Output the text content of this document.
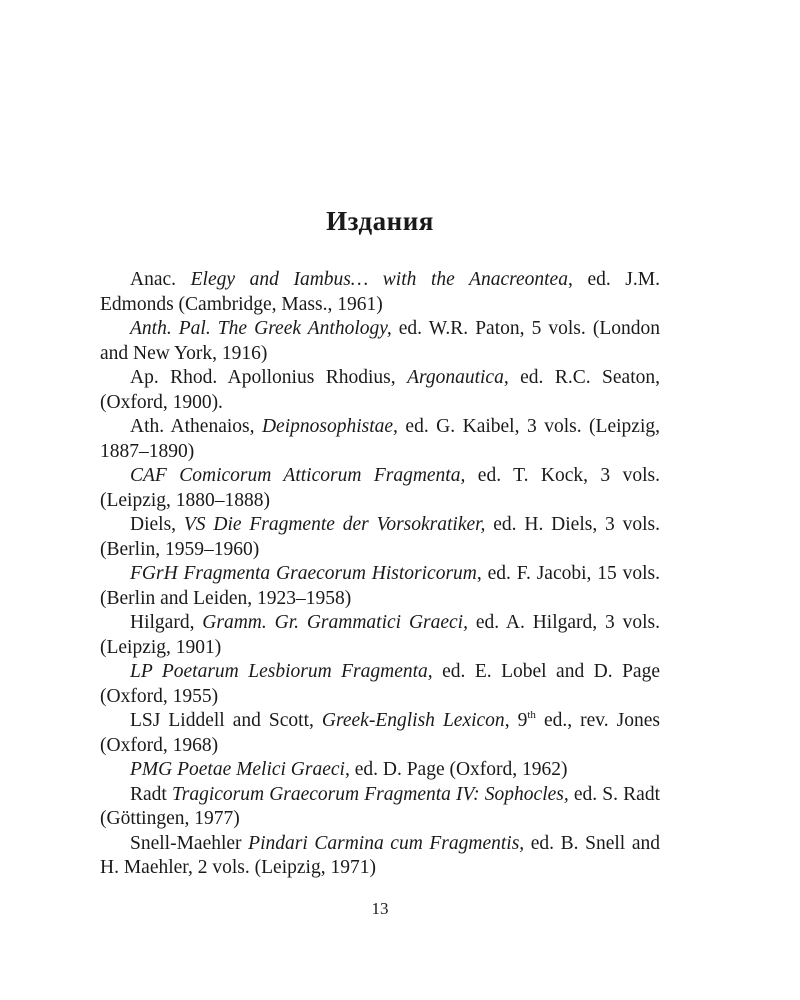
Издания
Anac. Elegy and Iambus… with the Anacreontea, ed. J.M. Edmonds (Cambridge, Mass., 1961)
Anth. Pal. The Greek Anthology, ed. W.R. Paton, 5 vols. (London and New York, 1916)
Ap. Rhod. Apollonius Rhodius, Argonautica, ed. R.C. Seaton, (Oxford, 1900).
Ath. Athenaios, Deipnosophistae, ed. G. Kaibel, 3 vols. (Leipzig, 1887–1890)
CAF Comicorum Atticorum Fragmenta, ed. T. Kock, 3 vols. (Leipzig, 1880–1888)
Diels, VS Die Fragmente der Vorsokratiker, ed. H. Diels, 3 vols. (Berlin, 1959–1960)
FGrH Fragmenta Graecorum Historicorum, ed. F. Jacobi, 15 vols. (Berlin and Leiden, 1923–1958)
Hilgard, Gramm. Gr. Grammatici Graeci, ed. A. Hilgard, 3 vols. (Leipzig, 1901)
LP Poetarum Lesbiorum Fragmenta, ed. E. Lobel and D. Page (Oxford, 1955)
LSJ Liddell and Scott, Greek-English Lexicon, 9th ed., rev. Jones (Oxford, 1968)
PMG Poetae Melici Graeci, ed. D. Page (Oxford, 1962)
Radt Tragicorum Graecorum Fragmenta IV: Sophocles, ed. S. Radt (Göttingen, 1977)
Snell-Maehler Pindari Carmina cum Fragmentis, ed. B. Snell and H. Maehler, 2 vols. (Leipzig, 1971)
13
